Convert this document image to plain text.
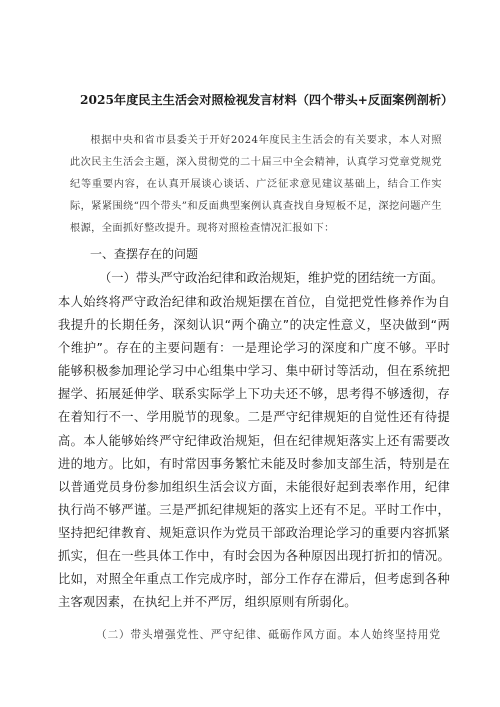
2025年度民主生活会对照检视发言材料（四个带头+反面案例剖析）
根据中央和省市县委关于开好2024年度民主生活会的有关要求，本人对照此次民主生活会主题，深入贯彻党的二十届三中全会精神，认真学习党章党规党纪等重要内容，在认真开展谈心谈话、广泛征求意见建议基础上，结合工作实际，紧紧围绕“四个带头”和反面典型案例认真查找自身短板不足，深挖问题产生根源，全面抓好整改提升。现将对照检查情况汇报如下：
一、查摆存在的问题
（一）带头严守政治纪律和政治规矩，维护党的团结统一方面。
本人始终将严守政治纪律和政治规矩摆在首位，自觉把党性修养作为自我提升的长期任务，深刻认识“两个确立”的决定性意义，坚决做到“两个维护”。存在的主要问题有：一是理论学习的深度和广度不够。平时能够积极参加理论学习中心组集中学习、集中研讨等活动，但在系统把握学、拓展延伸学、联系实际学上下功夫还不够，思考得不够透彻，存在着知行不一、学用脱节的现象。二是严守纪律规矩的自觉性还有待提高。本人能够始终严守纪律政治规矩，但在纪律规矩落实上还有需要改进的地方。比如，有时常因事务繁忙未能及时参加支部生活，特别是在以普通党员身份参加组织生活会议方面，未能很好起到表率作用，纪律执行尚不够严谨。三是严抓纪律规矩的落实上还有不足。平时工作中，坚持把纪律教育、规矩意识作为党员干部政治理论学习的重要内容抓紧抓实，但在一些具体工作中，有时会因为各种原因出现打折扣的情况。比如，对照全年重点工作完成序时，部分工作存在滞后，但考虑到各种主客观因素，在执纪上并不严厉，组织原则有所弱化。
（二）带头增强党性、严守纪律、砥砺作风方面。本人始终坚持用党
